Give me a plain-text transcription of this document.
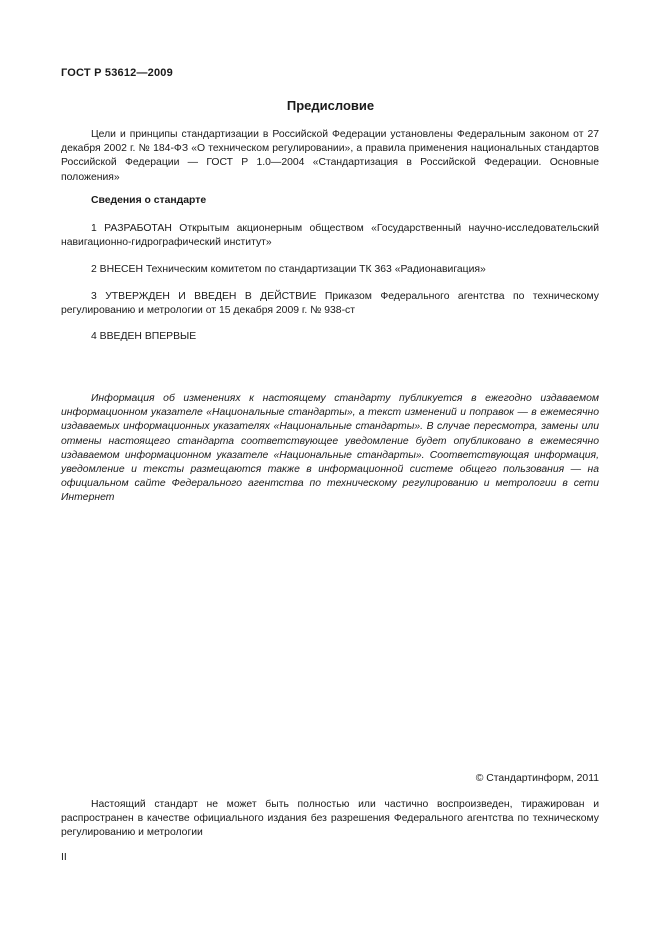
ГОСТ Р 53612—2009
Предисловие
Цели и принципы стандартизации в Российской Федерации установлены Федеральным законом от 27 декабря 2002 г. № 184-ФЗ «О техническом регулировании», а правила применения национальных стандартов Российской Федерации — ГОСТ Р 1.0—2004 «Стандартизация в Российской Федерации. Основные положения»
Сведения о стандарте
1 РАЗРАБОТАН Открытым акционерным обществом «Государственный научно-исследовательский навигационно-гидрографический институт»
2 ВНЕСЕН Техническим комитетом по стандартизации ТК 363 «Радионавигация»
3 УТВЕРЖДЕН И ВВЕДЕН В ДЕЙСТВИЕ Приказом Федерального агентства по техническому регулированию и метрологии от 15 декабря 2009 г. № 938-ст
4 ВВЕДЕН ВПЕРВЫЕ
Информация об изменениях к настоящему стандарту публикуется в ежегодно издаваемом информационном указателе «Национальные стандарты», а текст изменений и поправок — в ежемесячно издаваемых информационных указателях «Национальные стандарты». В случае пересмотра, замены или отмены настоящего стандарта соответствующее уведомление будет опубликовано в ежемесячно издаваемом информационном указателе «Национальные стандарты». Соответствующая информация, уведомление и тексты размещаются также в информационной системе общего пользования — на официальном сайте Федерального агентства по техническому регулированию и метрологии в сети Интернет
© Стандартинформ, 2011
Настоящий стандарт не может быть полностью или частично воспроизведен, тиражирован и распространен в качестве официального издания без разрешения Федерального агентства по техническому регулированию и метрологии
II
